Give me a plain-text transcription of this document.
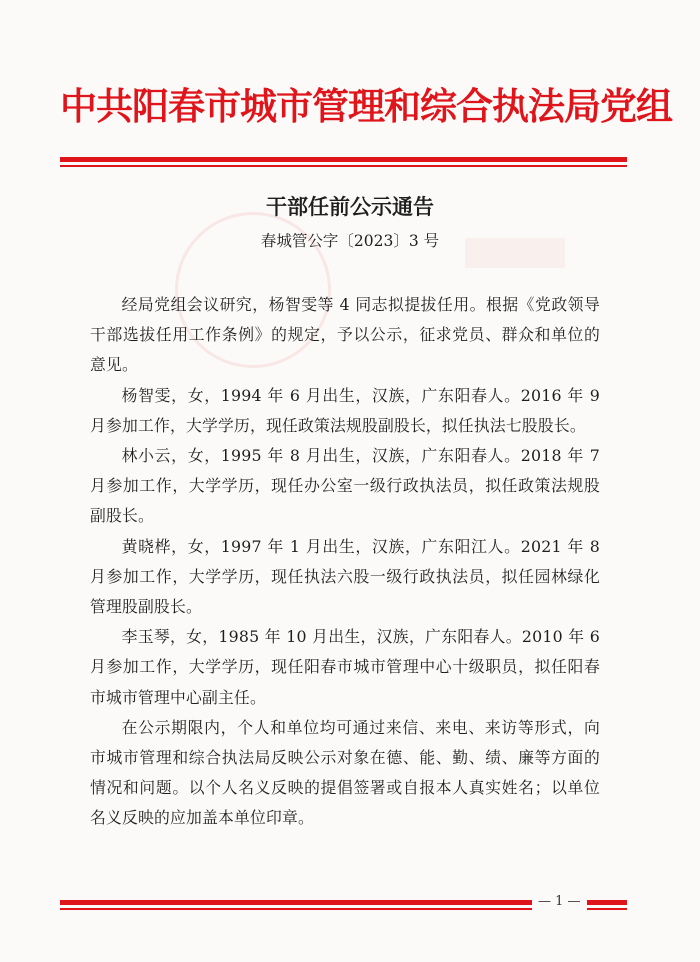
中共阳春市城市管理和综合执法局党组
干部任前公示通告
春城管公字〔2023〕3 号

经局党组会议研究，杨智雯等 4 同志拟提拔任用。根据《党政领导干部选拔任用工作条例》的规定，予以公示，征求党员、群众和单位的意见。

杨智雯，女，1994 年 6 月出生，汉族，广东阳春人。2016 年 9 月参加工作，大学学历，现任政策法规股副股长，拟任执法七股股长。

林小云，女，1995 年 8 月出生，汉族，广东阳春人。2018 年 7 月参加工作，大学学历，现任办公室一级行政执法员，拟任政策法规股副股长。

黄晓桦，女，1997 年 1 月出生，汉族，广东阳江人。2021 年 8 月参加工作，大学学历，现任执法六股一级行政执法员，拟任园林绿化管理股副股长。

李玉琴，女，1985 年 10 月出生，汉族，广东阳春人。2010 年 6 月参加工作，大学学历，现任阳春市城市管理中心十级职员，拟任阳春市城市管理中心副主任。

在公示期限内，个人和单位均可通过来信、来电、来访等形式，向市城市管理和综合执法局反映公示对象在德、能、勤、绩、廉等方面的情况和问题。以个人名义反映的提倡签署或自报本人真实姓名；以单位名义反映的应加盖本单位印章。

— 1 —
